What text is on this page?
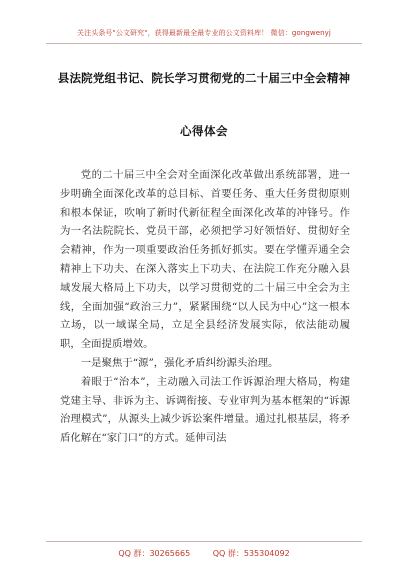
关注头条号"公文研究"，获得最新最全最专业的公文资料库！ 微信：gongwenyj
县法院党组书记、院长学习贯彻党的二十届三中全会精神
心得体会

党的二十届三中全会对全面深化改革做出系统部署，进一步明确全面深化改革的总目标、首要任务、重大任务贯彻原则和根本保证，吹响了新时代新征程全面深化改革的冲锋号。作为一名法院院长、党员干部，必须把学习好领悟好、贯彻好全会精神，作为一项重要政治任务抓好抓实。要在学懂弄通全会精神上下功夫、在深入落实上下功夫、在法院工作充分融入县域发展大格局上下功夫，以学习贯彻党的二十届三中全会为主线，全面加强“政治三力”，紧紧围绕“以人民为中心”这一根本立场，以一域谋全局，立足全县经济发展实际，依法能动履职，全面提质增效。

一是聚焦于“源”，强化矛盾纠纷源头治理。

着眼于“治本”，主动融入司法工作诉源治理大格局，构建党建主导、非诉为主、诉调衔接、专业审判为基本框架的“诉源治理模式”，从源头上减少诉讼案件增量。通过扎根基层，将矛盾化解在“家门口”的方式。延伸司法

QQ 群：30265665	QQ 群：535304092
